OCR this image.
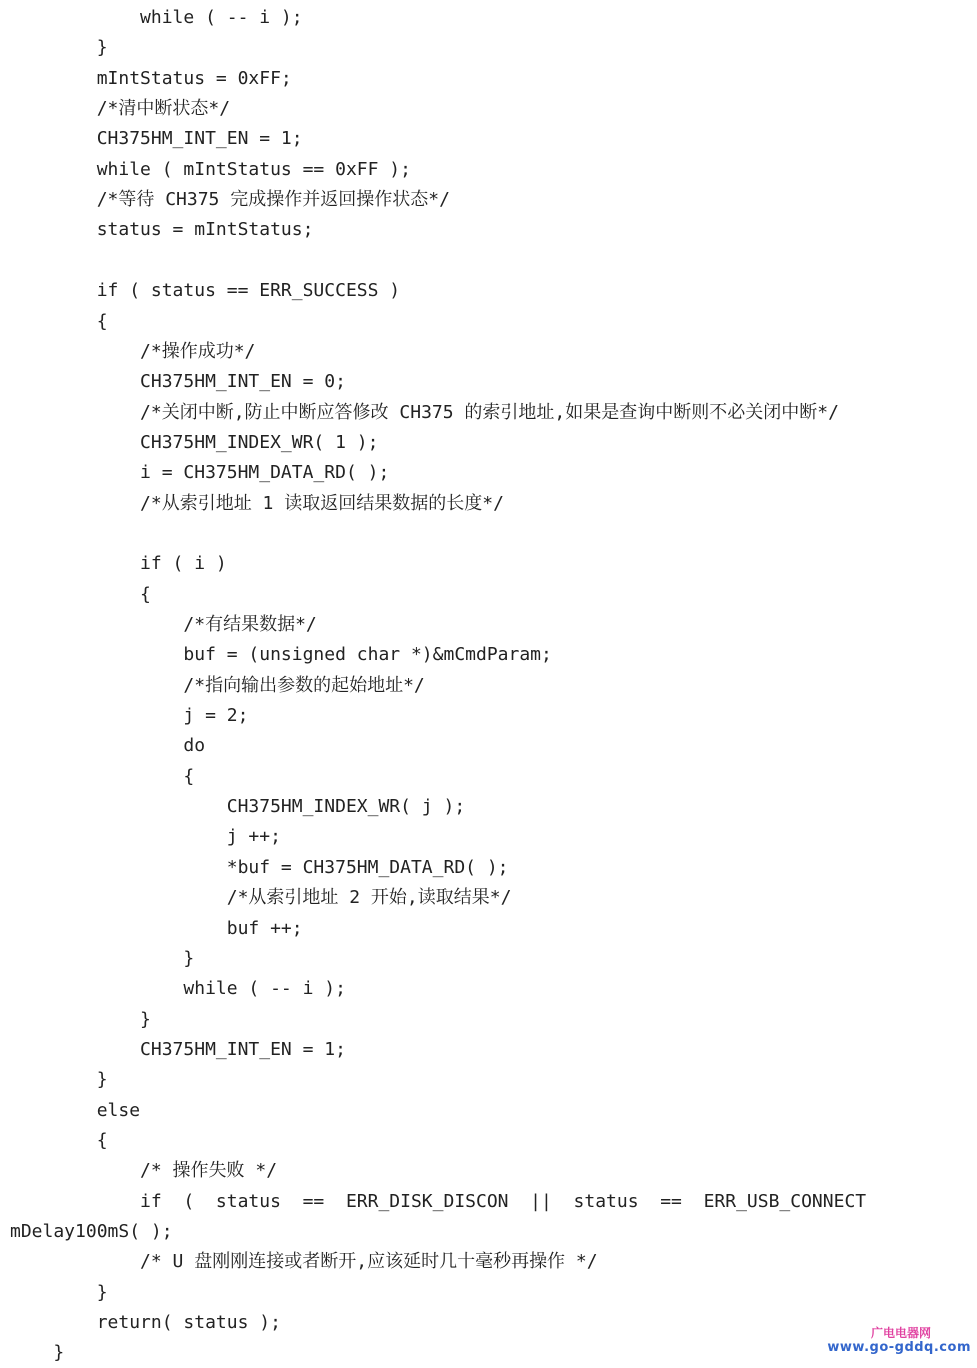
while ( -- i );
}
mIntStatus = 0xFF;
/*清中断状态*/
CH375HM_INT_EN = 1;
while ( mIntStatus == 0xFF );
/*等待 CH375 完成操作并返回操作状态*/
status = mIntStatus;
if ( status == ERR_SUCCESS )
{
/*操作成功*/
CH375HM_INT_EN = 0;
/*关闭中断,防止中断应答修改 CH375 的索引地址,如果是查询中断则不必关闭中断*/
CH375HM_INDEX_WR( 1 );
i = CH375HM_DATA_RD( );
/*从索引地址 1 读取返回结果数据的长度*/
if ( i )
{
/*有结果数据*/
buf = (unsigned char *)&mCmdParam;
/*指向输出参数的起始地址*/
j = 2;
do
{
CH375HM_INDEX_WR( j );
j ++;
*buf = CH375HM_DATA_RD( );
/*从索引地址 2 开始,读取结果*/
buf ++;
}
while ( -- i );
}
CH375HM_INT_EN = 1;
}
else
{
/* 操作失败 */
if  (  status  ==  ERR_DISK_DISCON  ||  status  ==  ERR_USB_CONNECT
mDelay100mS( );
/* U 盘刚刚连接或者断开,应该延时几十毫秒再操作 */
}
return( status );
}
广电电器网
www.go-gddq.com
